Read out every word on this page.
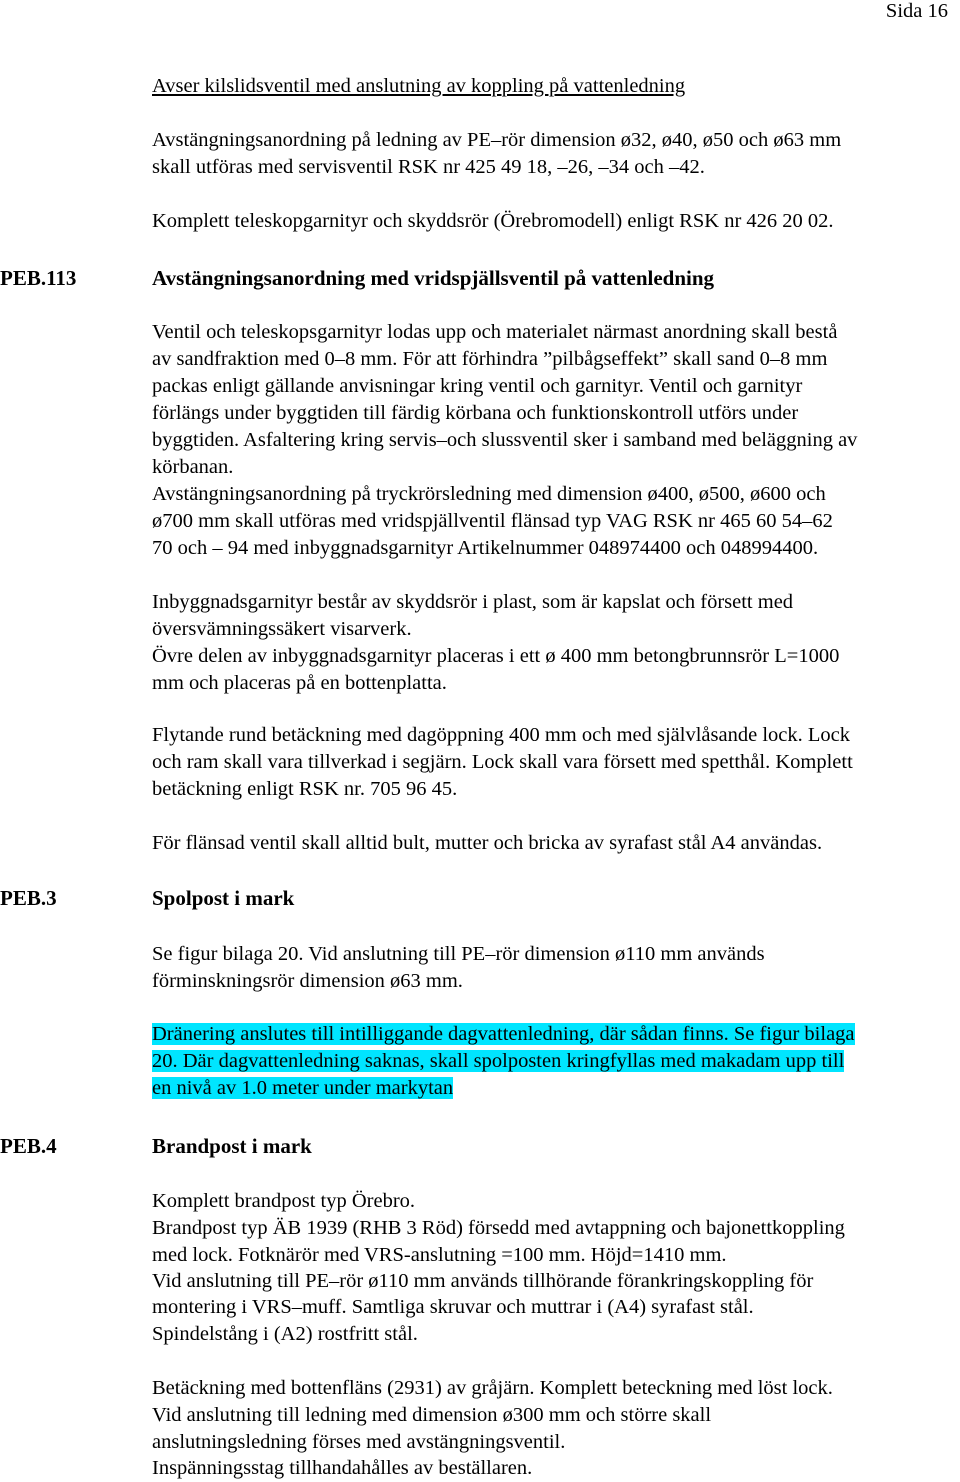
Sida 16
Avser kilslidsventil med anslutning av koppling på vattenledning
Avstängningsanordning på ledning av PE–rör dimension ø32, ø40, ø50 och ø63 mm
skall utföras med servisventil RSK nr 425 49 18, –26, –34 och –42.
Komplett teleskopgarnityr och skyddsrör (Örebromodell) enligt RSK nr 426 20 02.
PEB.113	Avstängningsanordning med vridspjällsventil på vattenledning
Ventil och teleskopsgarnityr lodas upp och materialet närmast anordning skall bestå
av sandfraktion med 0–8 mm. För att förhindra ”pilbågseffekt” skall sand 0–8 mm
packas enligt gällande anvisningar kring ventil och garnityr. Ventil och garnityr
förlängs under byggtiden till färdig körbana och funktionskontroll utförs under
byggtiden. Asfaltering kring servis–och slussventil sker i samband med beläggning av
körbanan.
Avstängningsanordning på tryckrörsledning med dimension ø400, ø500, ø600 och
ø700 mm skall utföras med vridspjällventil flänsad typ VAG RSK nr 465 60 54–62
70 och – 94 med inbyggnadsgarnityr Artikelnummer 048974400 och 048994400.
Inbyggnadsgarnityr består av skyddsrör i plast, som är kapslat och försett med
översvämningssäkert visarverk.
Övre delen av inbyggnadsgarnityr placeras i ett ø 400 mm betongbrunnsrör L=1000
mm och placeras på en bottenplatta.
Flytande rund betäckning med dagöppning 400 mm och med självlåsande lock. Lock
och ram skall vara tillverkad i segjärn. Lock skall vara försett med spetthål. Komplett
betäckning enligt RSK nr. 705 96 45.
För flänsad ventil skall alltid bult, mutter och bricka av syrafast stål A4 användas.
PEB.3	Spolpost i mark
Se figur bilaga 20. Vid anslutning till PE–rör dimension ø110 mm används
förminskningsrör dimension ø63 mm.
Dränering anslutes till intilliggande dagvattenledning, där sådan finns. Se figur bilaga
20. Där dagvattenledning saknas, skall spolposten kringfyllas med makadam upp till
en nivå av 1.0 meter under markytan
PEB.4	Brandpost i mark
Komplett brandpost typ Örebro.
Brandpost typ ÄB 1939 (RHB 3 Röd) försedd med avtappning och bajonettkoppling
med lock. Fotknärör med VRS-anslutning =100 mm. Höjd=1410 mm.
Vid anslutning till PE–rör ø110 mm används tillhörande förankringskoppling för
montering i VRS–muff. Samtliga skruvar och muttrar i (A4) syrafast stål.
Spindelstång i (A2) rostfritt stål.
Betäckning med bottenfläns (2931) av gråjärn. Komplett beteckning med löst lock.
Vid anslutning till ledning med dimension ø300 mm och större skall
anslutningsledning förses med avstängningsventil.
Inspänningsstag tillhandahålles av beställaren.
